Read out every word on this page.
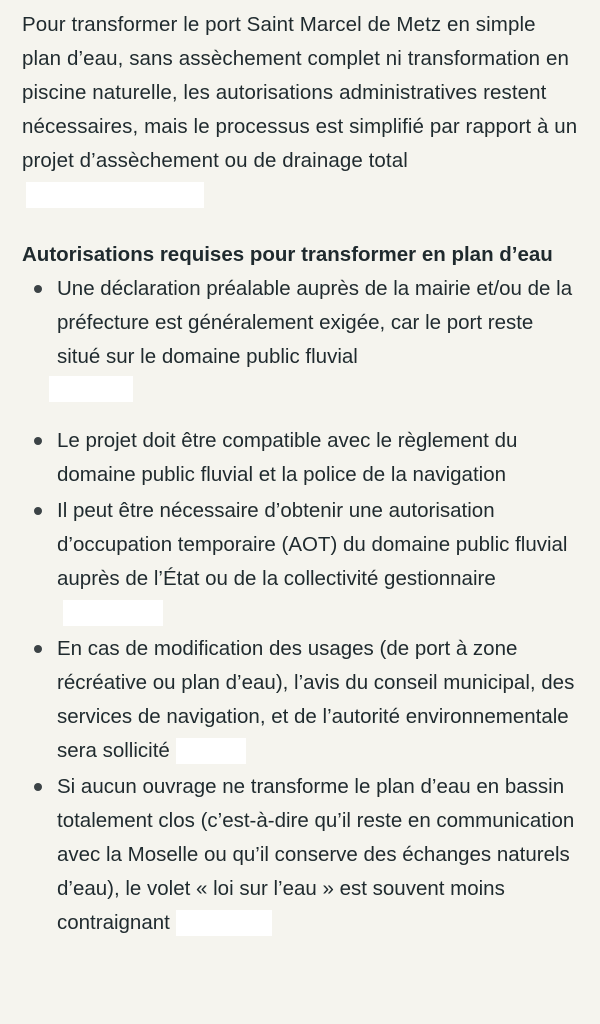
Pour transformer le port Saint Marcel de Metz en simple plan d’eau, sans assèchement complet ni transformation en piscine naturelle, les autorisations administratives restent nécessaires, mais le processus est simplifié par rapport à un projet d’assèchement ou de drainage total

Autorisations requises pour transformer en plan d’eau
Une déclaration préalable auprès de la mairie et/ou de la préfecture est généralement exigée, car le port reste situé sur le domaine public fluvial
Le projet doit être compatible avec le règlement du domaine public fluvial et la police de la navigation
Il peut être nécessaire d’obtenir une autorisation d’occupation temporaire (AOT) du domaine public fluvial auprès de l’État ou de la collectivité gestionnaire
En cas de modification des usages (de port à zone récréative ou plan d’eau), l’avis du conseil municipal, des services de navigation, et de l’autorité environnementale sera sollicité
Si aucun ouvrage ne transforme le plan d’eau en bassin totalement clos (c’est-à-dire qu’il reste en communication avec la Moselle ou qu’il conserve des échanges naturels d’eau), le volet « loi sur l’eau » est souvent moins contraignant
